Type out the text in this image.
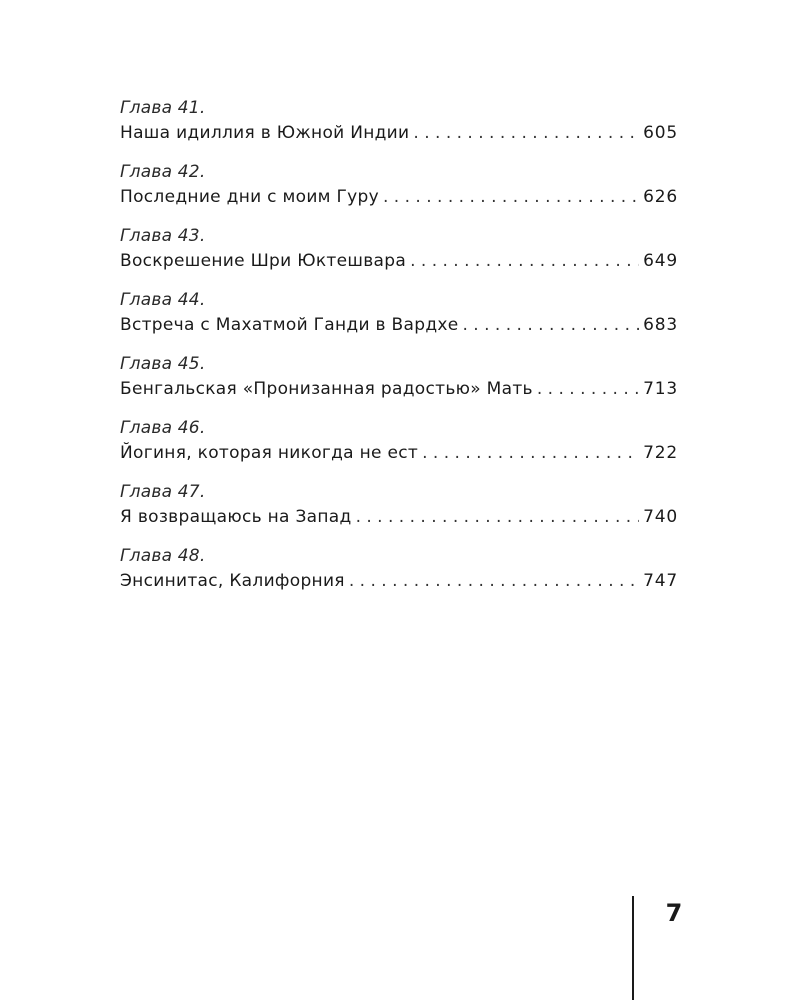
Глава 41.
Наша идиллия в Южной Индии . . .	605
Глава 42.
Последние дни с моим Гуру . . .	626
Глава 43.
Воскрешение Шри Юктешвара . . .	649
Глава 44.
Встреча с Махатмой Ганди в Вардхе . . .	683
Глава 45.
Бенгальская «Пронизанная радостью» Мать . . .	713
Глава 46.
Йогиня, которая никогда не ест . . .	722
Глава 47.
Я возвращаюсь на Запад . . .	740
Глава 48.
Энсинитас, Калифорния . . .	747
7
